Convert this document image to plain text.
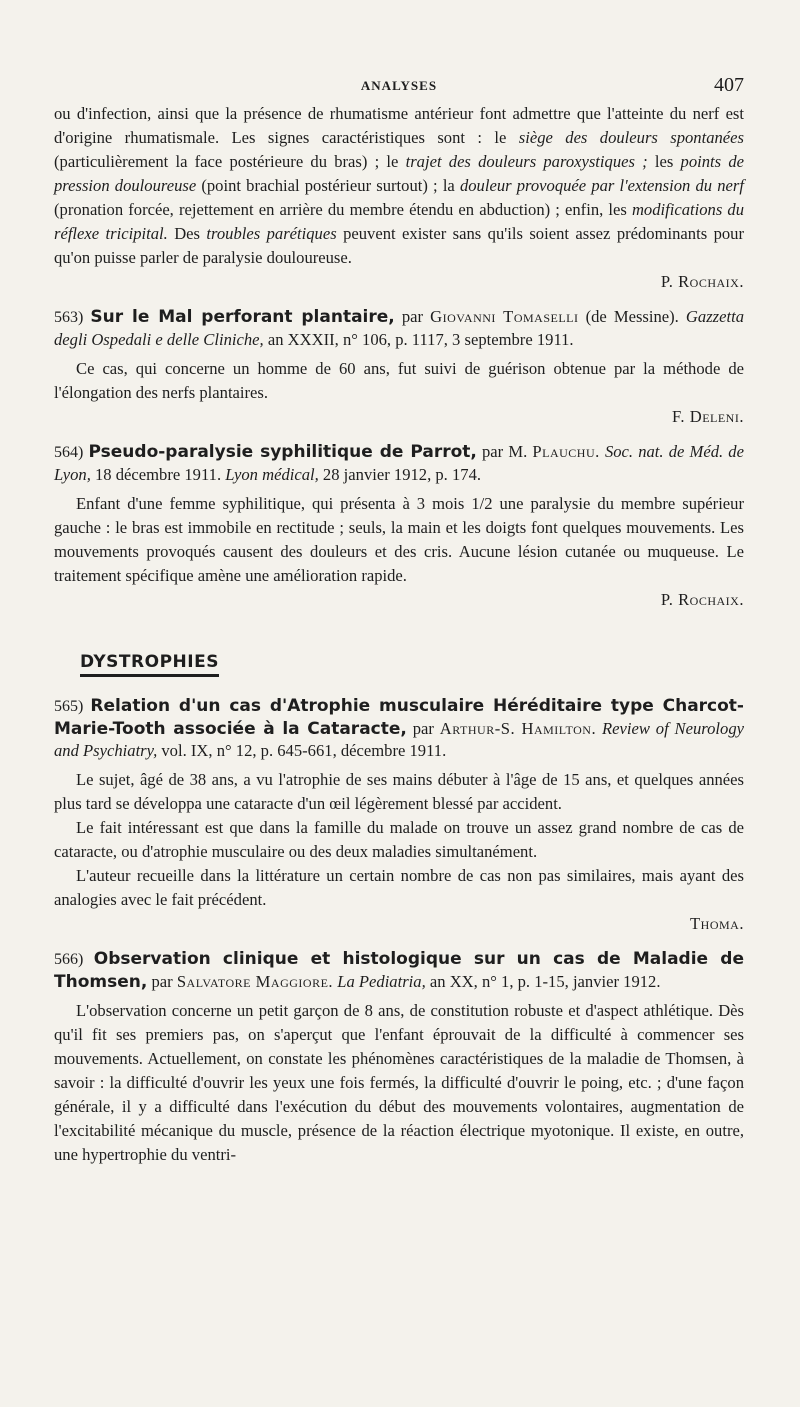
ANALYSES	407

ou d'infection, ainsi que la présence de rhumatisme antérieur font admettre que l'atteinte du nerf est d'origine rhumatismale. Les signes caractéristiques sont : le siège des douleurs spontanées (particulièrement la face postérieure du bras) ; le trajet des douleurs paroxystiques ; les points de pression douloureuse (point brachial postérieur surtout) ; la douleur provoquée par l'extension du nerf (pronation forcée, rejettement en arrière du membre étendu en abduction) ; enfin, les modifications du réflexe tricipital. Des troubles parétiques peuvent exister sans qu'ils soient assez prédominants pour qu'on puisse parler de paralysie douloureuse.

P. Rochaix.

563) Sur le Mal perforant plantaire, par Giovanni Tomaselli (de Messine). Gazzetta degli Ospedali e delle Cliniche, an XXXII, n° 106, p. 1117, 3 septembre 1911.

Ce cas, qui concerne un homme de 60 ans, fut suivi de guérison obtenue par la méthode de l'élongation des nerfs plantaires.

F. Deleni.

564) Pseudo-paralysie syphilitique de Parrot, par M. Plauchu. Soc. nat. de Méd. de Lyon, 18 décembre 1911. Lyon médical, 28 janvier 1912, p. 174.

Enfant d'une femme syphilitique, qui présenta à 3 mois 1/2 une paralysie du membre supérieur gauche : le bras est immobile en rectitude ; seuls, la main et les doigts font quelques mouvements. Les mouvements provoqués causent des douleurs et des cris. Aucune lésion cutanée ou muqueuse. Le traitement spécifique amène une amélioration rapide.

P. Rochaix.

DYSTROPHIES
565) Relation d'un cas d'Atrophie musculaire Héréditaire type Charcot-Marie-Tooth associée à la Cataracte, par Arthur-S. Hamilton. Review of Neurology and Psychiatry, vol. IX, n° 12, p. 645-661, décembre 1911.

Le sujet, âgé de 38 ans, a vu l'atrophie de ses mains débuter à l'âge de 15 ans, et quelques années plus tard se développa une cataracte d'un œil légèrement blessé par accident.

Le fait intéressant est que dans la famille du malade on trouve un assez grand nombre de cas de cataracte, ou d'atrophie musculaire ou des deux maladies simultanément.

L'auteur recueille dans la littérature un certain nombre de cas non pas similaires, mais ayant des analogies avec le fait précédent.

Thoma.

566) Observation clinique et histologique sur un cas de Maladie de Thomsen, par Salvatore Maggiore. La Pediatria, an XX, n° 1, p. 1-15, janvier 1912.

L'observation concerne un petit garçon de 8 ans, de constitution robuste et d'aspect athlétique. Dès qu'il fit ses premiers pas, on s'aperçut que l'enfant éprouvait de la difficulté à commencer ses mouvements. Actuellement, on constate les phénomènes caractéristiques de la maladie de Thomsen, à savoir : la difficulté d'ouvrir les yeux une fois fermés, la difficulté d'ouvrir le poing, etc. ; d'une façon générale, il y a difficulté dans l'exécution du début des mouvements volontaires, augmentation de l'excitabilité mécanique du muscle, présence de la réaction électrique myotonique. Il existe, en outre, une hypertrophie du ventri-
